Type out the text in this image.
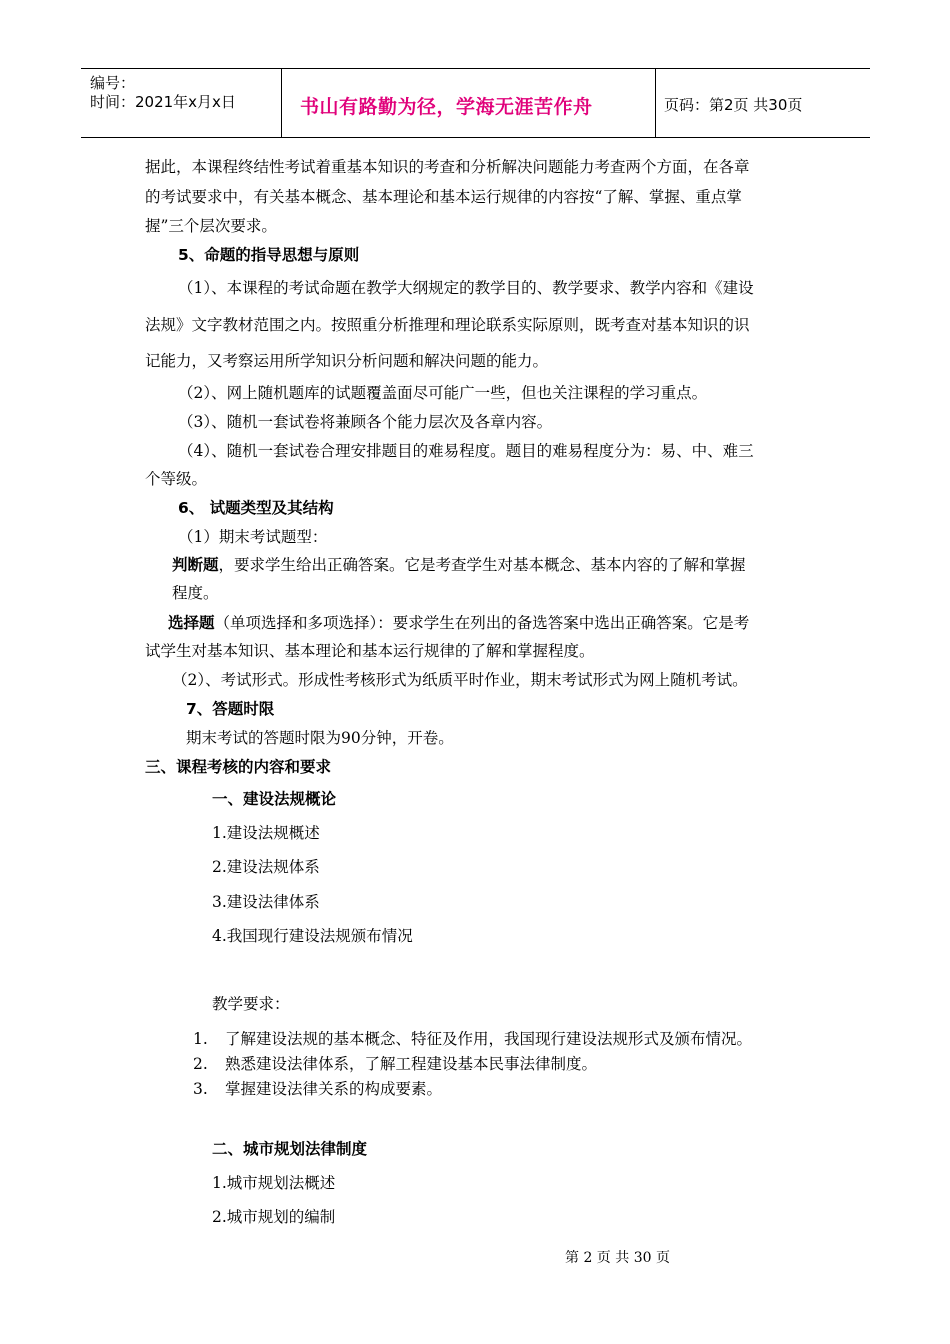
编号：
时间：2021年x月x日	书山有路勤为径，学海无涯苦作舟	页码：第2页 共30页
据此，本课程终结性考试着重基本知识的考查和分析解决问题能力考查两个方面，在各章
的考试要求中，有关基本概念、基本理论和基本运行规律的内容按“了解、掌握、重点掌
握”三个层次要求。
5、命题的指导思想与原则
（1）、本课程的考试命题在教学大纲规定的教学目的、教学要求、教学内容和《建设
法规》文字教材范围之内。按照重分析推理和理论联系实际原则，既考查对基本知识的识
记能力，又考察运用所学知识分析问题和解决问题的能力。
（2）、网上随机题库的试题覆盖面尽可能广一些，但也关注课程的学习重点。
（3）、随机一套试卷将兼顾各个能力层次及各章内容。
（4）、随机一套试卷合理安排题目的难易程度。题目的难易程度分为：易、中、难三
个等级。
6、 试题类型及其结构
（1）期末考试题型：
判断题，要求学生给出正确答案。它是考查学生对基本概念、基本内容的了解和掌握
程度。
选择题（单项选择和多项选择）：要求学生在列出的备选答案中选出正确答案。它是考
试学生对基本知识、基本理论和基本运行规律的了解和掌握程度。
（2）、考试形式。形成性考核形式为纸质平时作业，期末考试形式为网上随机考试。
7、答题时限
期末考试的答题时限为90分钟，开卷。
三、课程考核的内容和要求
一、建设法规概论
1.建设法规概述
2.建设法规体系
3.建设法律体系
4.我国现行建设法规颁布情况
教学要求：
1. 了解建设法规的基本概念、特征及作用，我国现行建设法规形式及颁布情况。
2. 熟悉建设法律体系，了解工程建设基本民事法律制度。
3. 掌握建设法律关系的构成要素。
二、城市规划法律制度
1.城市规划法概述
2.城市规划的编制
第 2 页 共 30 页
